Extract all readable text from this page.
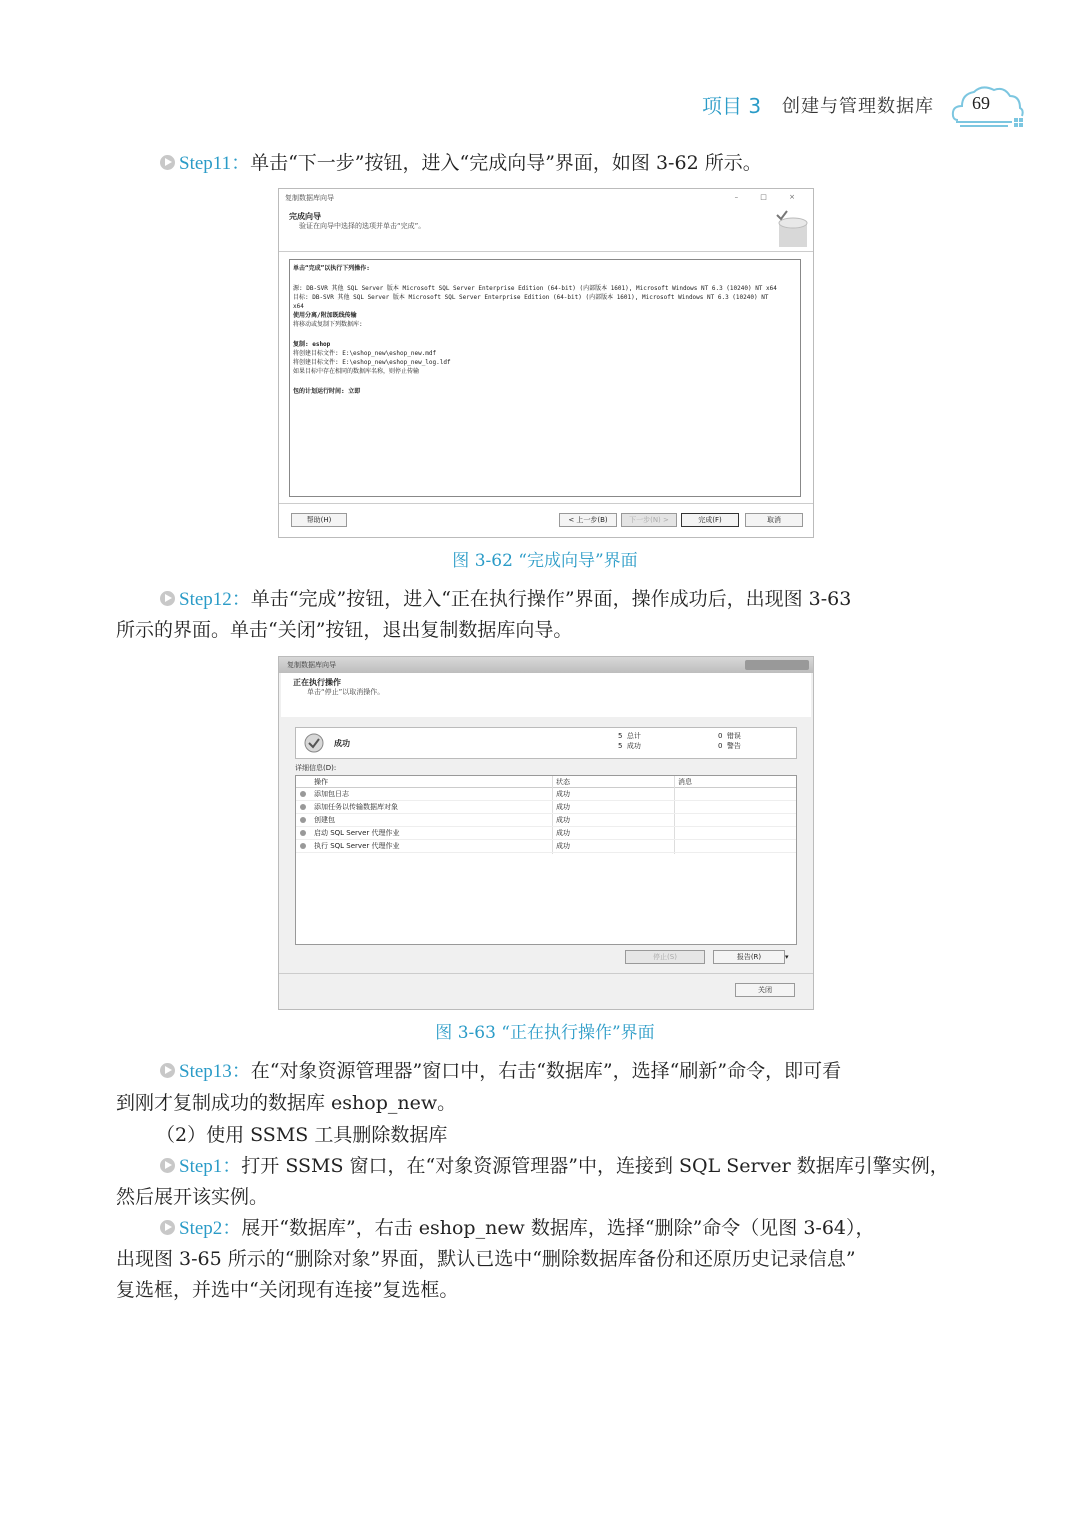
项目 3 创建与管理数据库	69
Step11：单击“下一步”按钮，进入“完成向导”界面，如图 3-62 所示。
复制数据库向导	– □ ×
完成向导
验证在向导中选择的选项并单击“完成”。
单击“完成”以执行下列操作:
源: DB-SVR 其他 SQL Server 版本 Microsoft SQL Server Enterprise Edition (64-bit) (内部版本 1601), Microsoft Windows NT 6.3 (10240) NT x64
目标: DB-SVR 其他 SQL Server 版本 Microsoft SQL Server Enterprise Edition (64-bit) (内部版本 1601), Microsoft Windows NT 6.3 (10240) NT
x64
使用分离/附加既线传输
将移动或复制下列数据库:
复制: eshop
将创建目标文件: E:\eshop_new\eshop_new.mdf
将创建目标文件: E:\eshop_new\eshop_new_log.ldf
如果目标中存在相同的数据库名称，则停止传输
包的计划运行时间: 立即
帮助(H)	< 上一步(B)	下一步(N) >	完成(F)	取消
图 3-62 “完成向导”界面
Step12：单击“完成”按钮，进入“正在执行操作”界面，操作成功后，出现图 3-63
所示的界面。单击“关闭”按钮，退出复制数据库向导。
复制数据库向导
正在执行操作
单击“停止”以取消操作。
成功
5 总计
5 成功
0 错误
0 警告
详细信息(D):
操作	状态	消息
添加包日志	成功
添加任务以传输数据库对象	成功
创建包	成功
启动 SQL Server 代理作业	成功
执行 SQL Server 代理作业	成功
停止(S)	报告(R)	▾
关闭
图 3-63 “正在执行操作”界面
Step13：在“对象资源管理器”窗口中，右击“数据库”，选择“刷新”命令，即可看
到刚才复制成功的数据库 eshop_new。
（2）使用 SSMS 工具删除数据库
Step1：打开 SSMS 窗口，在“对象资源管理器”中，连接到 SQL Server 数据库引擎实例，
然后展开该实例。
Step2：展开“数据库”，右击 eshop_new 数据库，选择“删除”命令（见图 3-64），
出现图 3-65 所示的“删除对象”界面，默认已选中“删除数据库备份和还原历史记录信息”
复选框，并选中“关闭现有连接”复选框。
